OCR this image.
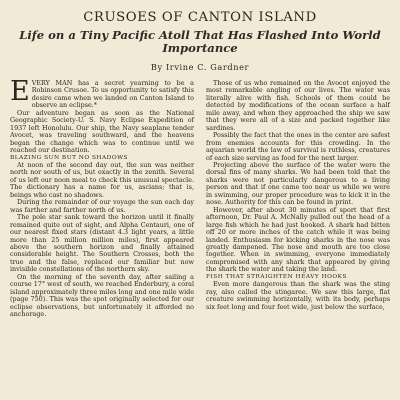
CRUSOES OF CANTON ISLAND
Life on a Tiny Pacific Atoll That Has Flashed Into World Importance
By Irvine C. Gardner

EVERY MAN has a secret yearning to be a Robinson Crusoe. To us opportunity to satisfy this desire came when we landed on Canton Island to observe an eclipse.*

Our adventure began as soon as the National Geographic Society-U. S. Navy Eclipse Expedition of 1937 left Honolulu. Our ship, the Navy seaplane tender Avocet, was traveling southward, and the heavens began the change which was to continue until we reached our destination.

BLAZING SUN BUT NO SHADOWS

At noon of the second day out, the sun was neither north nor south of us, but exactly in the zenith. Several of us left our noon meal to check this unusual spectacle. The dictionary has a name for us, ascians; that is, beings who cast no shadows.

During the remainder of our voyage the sun each day was farther and farther north of us.

The pole star sank toward the horizon until it finally remained quite out of sight, and Alpha Centauri, one of our nearest fixed stars (distant 4.3 light years, a little more than 25 million million miles), first appeared above the southern horizon and finally attained considerable height. The Southern Crosses, both the true and the false, replaced our familiar but now invisible constellations of the northern sky.

On the morning of the seventh day, after sailing a course 17° west of south, we reached Enderbury, a coral island approximately three miles long and one mile wide (page 750). This was the spot originally selected for our eclipse observations, but unfortunately it afforded no anchorage.

Those of us who remained on the Avocet enjoyed the most remarkable angling of our lives. The water was literally alive with fish. Schools of them could be detected by modifications of the ocean surface a half mile away, and when they approached the ship we saw that they were all of a size and packed together like sardines.

Possibly the fact that the ones in the center are safest from enemies accounts for this crowding. In the aquarian world the law of survival is ruthless, creatures of each size serving as food for the next larger.

Projecting above the surface of the water were the dorsal fins of many sharks. We had been told that the sharks were not particularly dangerous to a living person and that if one came too near us while we were in swimming, our proper procedure was to kick it in the nose. Authority for this can be found in print.

However, after about 30 minutes of sport that first afternoon, Dr. Paul A. McNally pulled out the head of a large fish which he had just hooked. A shark had bitten off 20 or more inches of the catch while it was being landed. Enthusiasm for kicking sharks in the nose was greatly dampened. The nose and mouth are too close together. When in swimming, everyone immediately compromised with any shark that appeared by giving the shark the water and taking the land.

FISH THAT STRAIGHTEN HEAVY HOOKS

Even more dangerous than the shark was the sting ray, also called the stingaree. We saw this large, flat creature swimming horizontally, with its body, perhaps six feet long and four feet wide, just below the surface,
